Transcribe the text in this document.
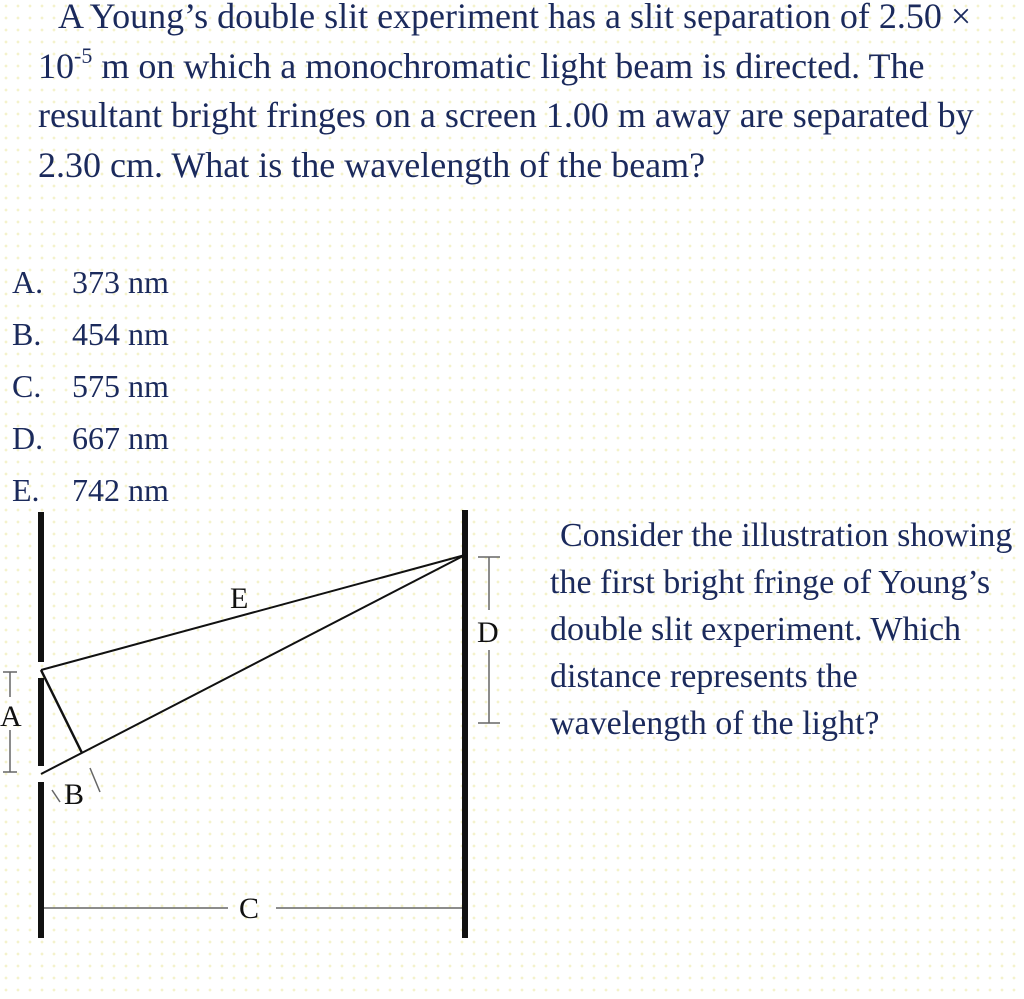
A Young’s double slit experiment has a slit separation of $2.50 \times 10^{-5}$ m on which a monochromatic light beam is directed. The resultant bright fringes on a screen 1.00 m away are separated by 2.30 cm. What is the wavelength of the beam?

A. 373 nm
B. 454 nm
C. 575 nm
D. 667 nm
E. 742 nm
A
B
C
D
E

Consider the illustration showing the first bright fringe of Young’s double slit experiment. Which distance represents the wavelength of the light?
